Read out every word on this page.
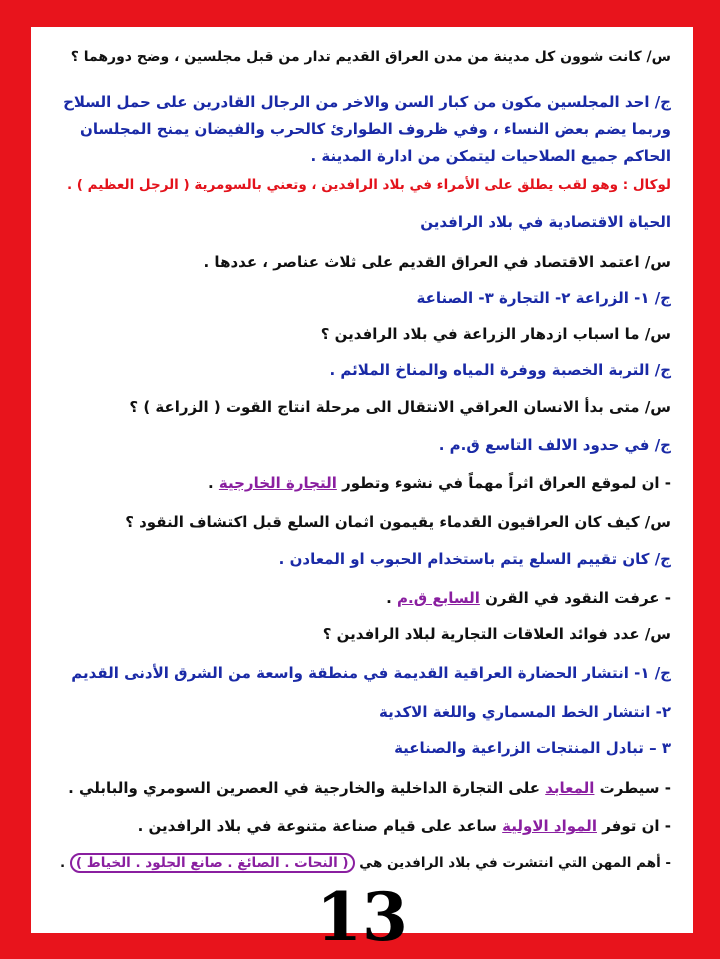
س/ كانت شوون كل مدينة من مدن العراق القديم تدار من قبل مجلسين ، وضح دورهما ؟
ج/ احد المجلسين مكون من كبار السن والاخر من الرجال القادرين على حمل السلاح وربما يضم بعض النساء ، وفي ظروف الطوارئ كالحرب والفيضان يمنح المجلسان الحاكم جميع الصلاحيات ليتمكن من ادارة المدينة .
لوكال : وهو لقب يطلق على الأمراء في بلاد الرافدين ، وتعني بالسومرية ( الرجل العظيم ) .
الحياة الاقتصادية في بلاد الرافدين
س/ اعتمد الاقتصاد في العراق القديم على ثلاث عناصر ، عددها .
ج/ ١- الزراعة ٢- التجارة ٣- الصناعة
س/ ما اسباب ازدهار الزراعة في بلاد الرافدين ؟
ج/ التربة الخصبة ووفرة المياه والمناخ الملائم .
س/ متى بدأ الانسان العراقي الانتقال الى مرحلة انتاج القوت ( الزراعة ) ؟
ج/ في حدود الالف التاسع ق.م .
- ان لموقع العراق اثراً مهماً في نشوء وتطور التجارة الخارجية .
س/ كيف كان العراقيون القدماء يقيمون اثمان السلع قبل اكتشاف النقود ؟
ج/ كان تقييم السلع يتم باستخدام الحبوب او المعادن .
- عرفت النقود في القرن السابع ق.م .
س/ عدد فوائد العلاقات التجارية لبلاد الرافدين ؟
ج/ ١- انتشار الحضارة العراقية القديمة في منطقة واسعة من الشرق الأدنى القديم
٢- انتشار الخط المسماري واللغة الاكدية
٣ – تبادل المنتجات الزراعية والصناعية
- سيطرت المعابد على التجارة الداخلية والخارجية في العصرين السومري والبابلي .
- ان توفر المواد الاولية ساعد على قيام صناعة متنوعة في بلاد الرافدين .
- أهم المهن التي انتشرت في بلاد الرافدين هي ( النحات . الصائغ . صانع الجلود . الخياط ) .
13
